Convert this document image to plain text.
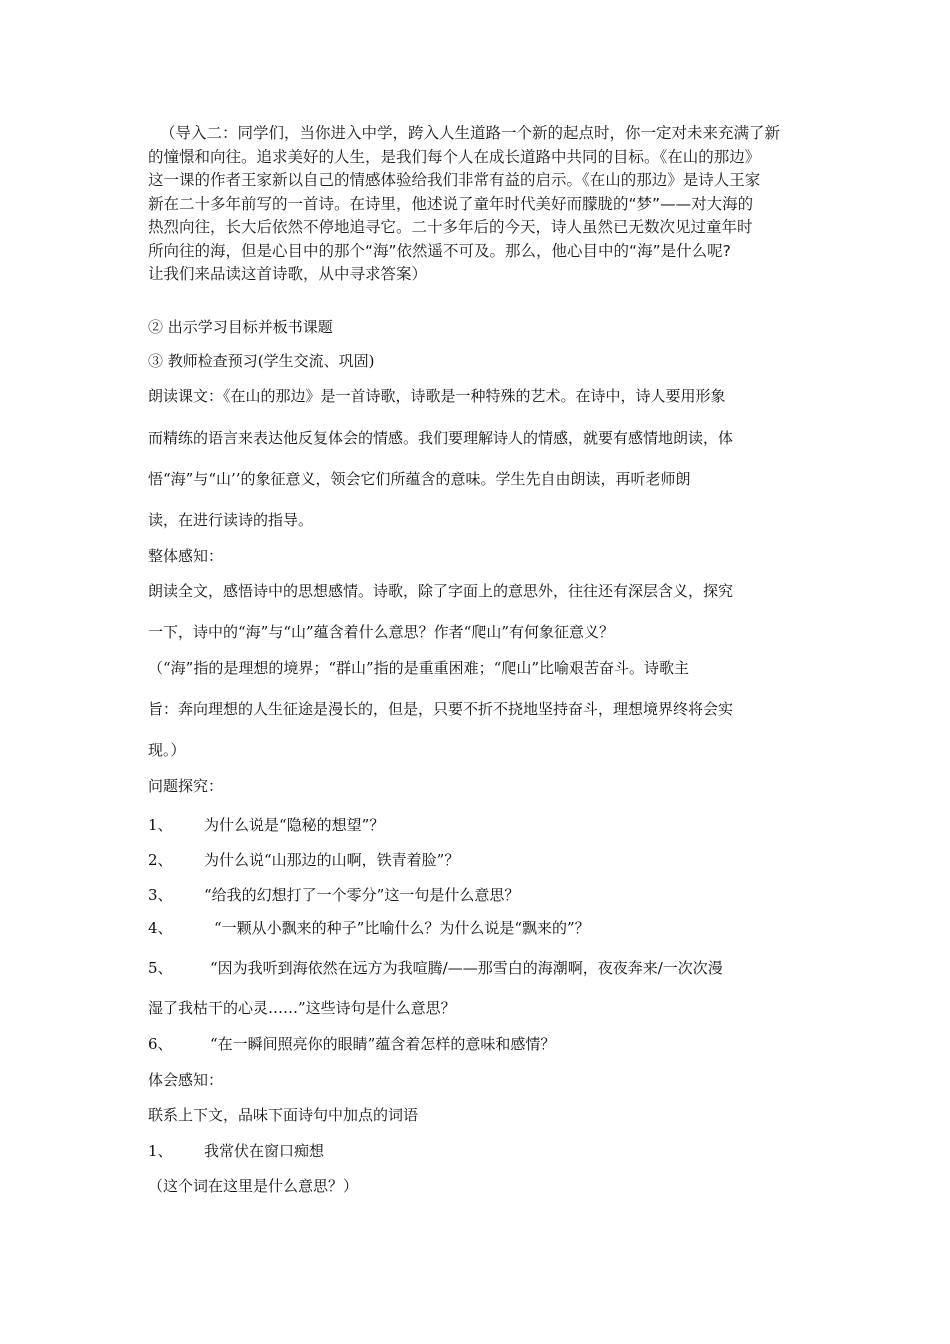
（导入二：同学们，当你进入中学，跨入人生道路一个新的起点时，你一定对未来充满了新
的憧憬和向往。追求美好的人生，是我们每个人在成长道路中共同的目标。《在山的那边》
这一课的作者王家新以自己的情感体验给我们非常有益的启示。《在山的那边》是诗人王家
新在二十多年前写的一首诗。在诗里，他述说了童年时代美好而朦胧的“梦”——对大海的
热烈向往，长大后依然不停地追寻它。二十多年后的今天，诗人虽然已无数次见过童年时
所向往的海，但是心目中的那个“海”依然遥不可及。那么，他心目中的“海”是什么呢?
让我们来品读这首诗歌，从中寻求答案）
② 出示学习目标并板书课题
③ 教师检查预习(学生交流、巩固)
朗读课文：《在山的那边》是一首诗歌，诗歌是一种特殊的艺术。在诗中，诗人要用形象
而精练的语言来表达他反复体会的情感。我们要理解诗人的情感，就要有感情地朗读，体
悟“海”与“山’’的象征意义，领会它们所蕴含的意味。学生先自由朗读，再听老师朗
读，在进行读诗的指导。
整体感知：
朗读全文，感悟诗中的思想感情。诗歌，除了字面上的意思外，往往还有深层含义，探究
一下，诗中的“海”与“山”蕴含着什么意思？作者“爬山”有何象征意义？
（“海”指的是理想的境界；“群山”指的是重重困难；“爬山”比喻艰苦奋斗。诗歌主
旨：奔向理想的人生征途是漫长的，但是，只要不折不挠地坚持奋斗，理想境界终将会实
现。）
问题探究：
1、 为什么说是“隐秘的想望”？
2、 为什么说“山那边的山啊，铁青着脸”？
3、 “给我的幻想打了一个零分”这一句是什么意思？
4、	“一颗从小飘来的种子”比喻什么？为什么说是“飘来的”？
5、 “因为我听到海依然在远方为我喧腾/——那雪白的海潮啊，夜夜奔来/一次次漫
湿了我枯干的心灵……”这些诗句是什么意思？
6、 “在一瞬间照亮你的眼睛”蕴含着怎样的意味和感情？
体会感知：
联系上下文，品味下面诗句中加点的词语
1、 我常伏在窗口痴想
（这个词在这里是什么意思？）
